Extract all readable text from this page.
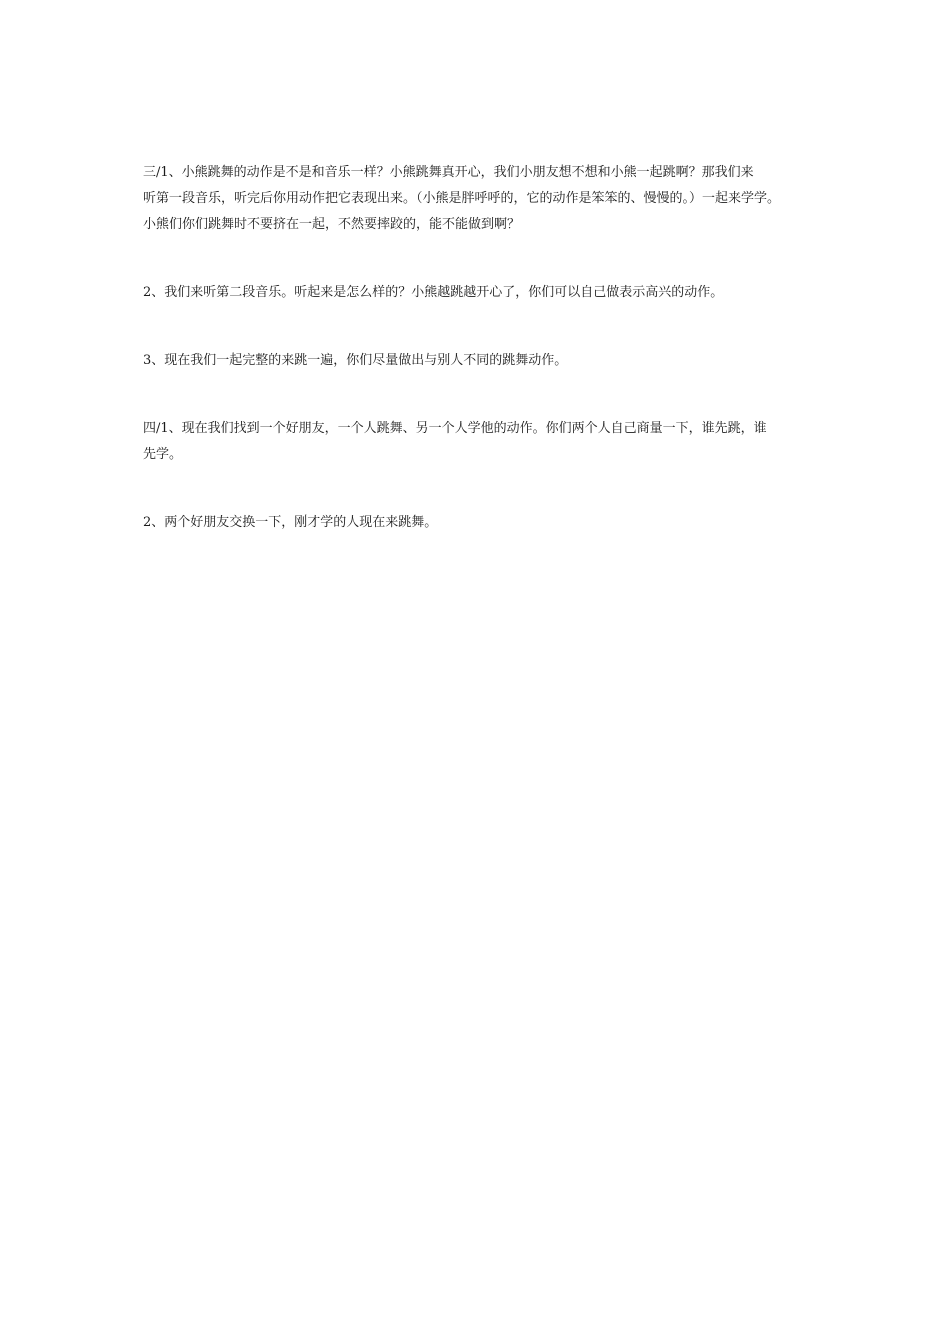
三/1、小熊跳舞的动作是不是和音乐一样？小熊跳舞真开心，我们小朋友想不想和小熊一起跳啊？那我们来
听第一段音乐，听完后你用动作把它表现出来。（小熊是胖呼呼的，它的动作是笨笨的、慢慢的。）一起来学学。
小熊们你们跳舞时不要挤在一起，不然要摔跤的，能不能做到啊？

2、我们来听第二段音乐。听起来是怎么样的？小熊越跳越开心了，你们可以自己做表示高兴的动作。

3、现在我们一起完整的来跳一遍，你们尽量做出与别人不同的跳舞动作。

四/1、现在我们找到一个好朋友，一个人跳舞、另一个人学他的动作。你们两个人自己商量一下，谁先跳，谁
先学。

2、两个好朋友交换一下，刚才学的人现在来跳舞。
